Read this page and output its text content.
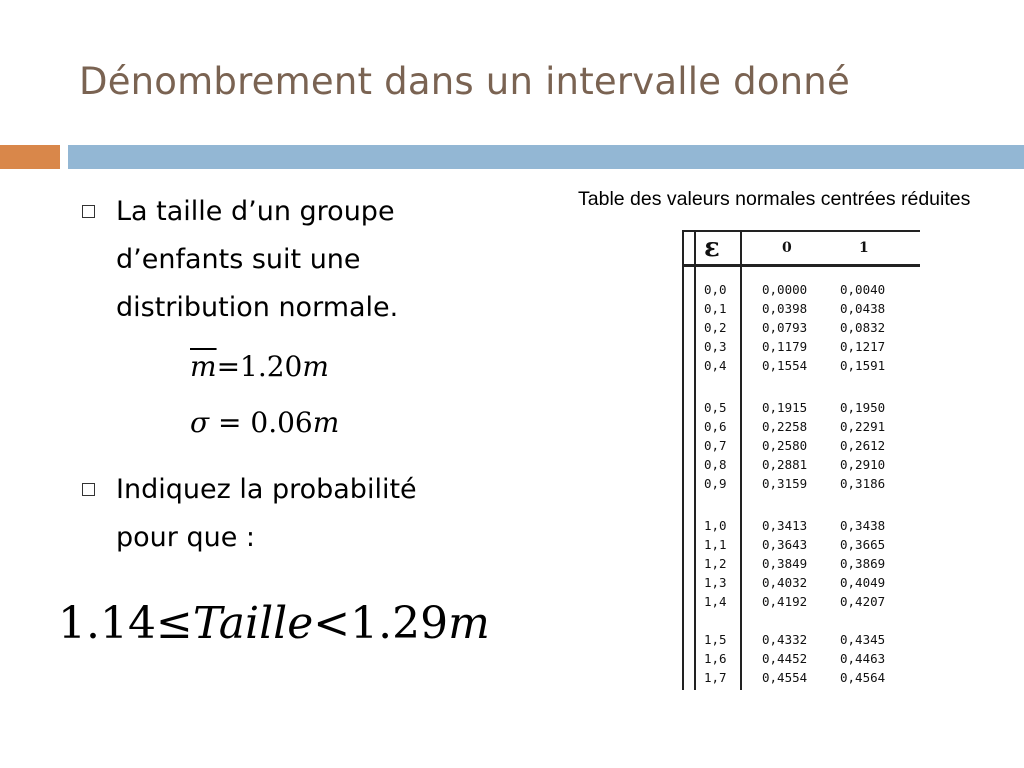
Dénombrement dans un intervalle donné
La taille d’un groupe
d’enfants suit une
distribution normale.
$\overline{m}=1.20m$
σ = 0.06m
Indiquez la probabilité
pour que :
1.14≤Taille<1.29m
Table des valeurs normales centrées réduites
ε	0	1
0,0	0,0000	0,0040
0,1	0,0398	0,0438
0,2	0,0793	0,0832
0,3	0,1179	0,1217
0,4	0,1554	0,1591
0,5	0,1915	0,1950
0,6	0,2258	0,2291
0,7	0,2580	0,2612
0,8	0,2881	0,2910
0,9	0,3159	0,3186
1,0	0,3413	0,3438
1,1	0,3643	0,3665
1,2	0,3849	0,3869
1,3	0,4032	0,4049
1,4	0,4192	0,4207
1,5	0,4332	0,4345
1,6	0,4452	0,4463
1,7	0,4554	0,4564
